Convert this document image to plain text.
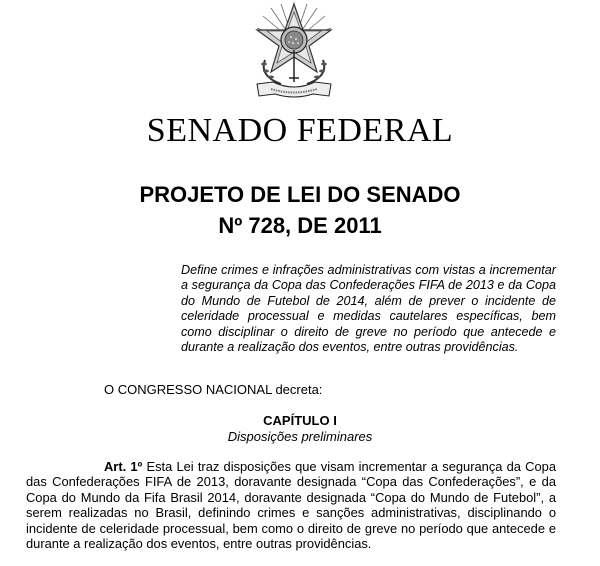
SENADO FEDERAL
PROJETO DE LEI DO SENADO
Nº 728, DE 2011
Define crimes e infrações administrativas com vistas a incrementar a segurança da Copa das Confederações FIFA de 2013 e da Copa do Mundo de Futebol de 2014, além de prever o incidente de celeridade processual e medidas cautelares específicas, bem como disciplinar o direito de greve no período que antecede e durante a realização dos eventos, entre outras providências.
O CONGRESSO NACIONAL decreta:
CAPÍTULO I
Disposições preliminares
Art. 1º Esta Lei traz disposições que visam incrementar a segurança da Copa das Confederações FIFA de 2013, doravante designada “Copa das Confederações”, e da Copa do Mundo da Fifa Brasil 2014, doravante designada “Copa do Mundo de Futebol”, a serem realizadas no Brasil, definindo crimes e sanções administrativas, disciplinando o incidente de celeridade processual, bem como o direito de greve no período que antecede e durante a realização dos eventos, entre outras providências.
